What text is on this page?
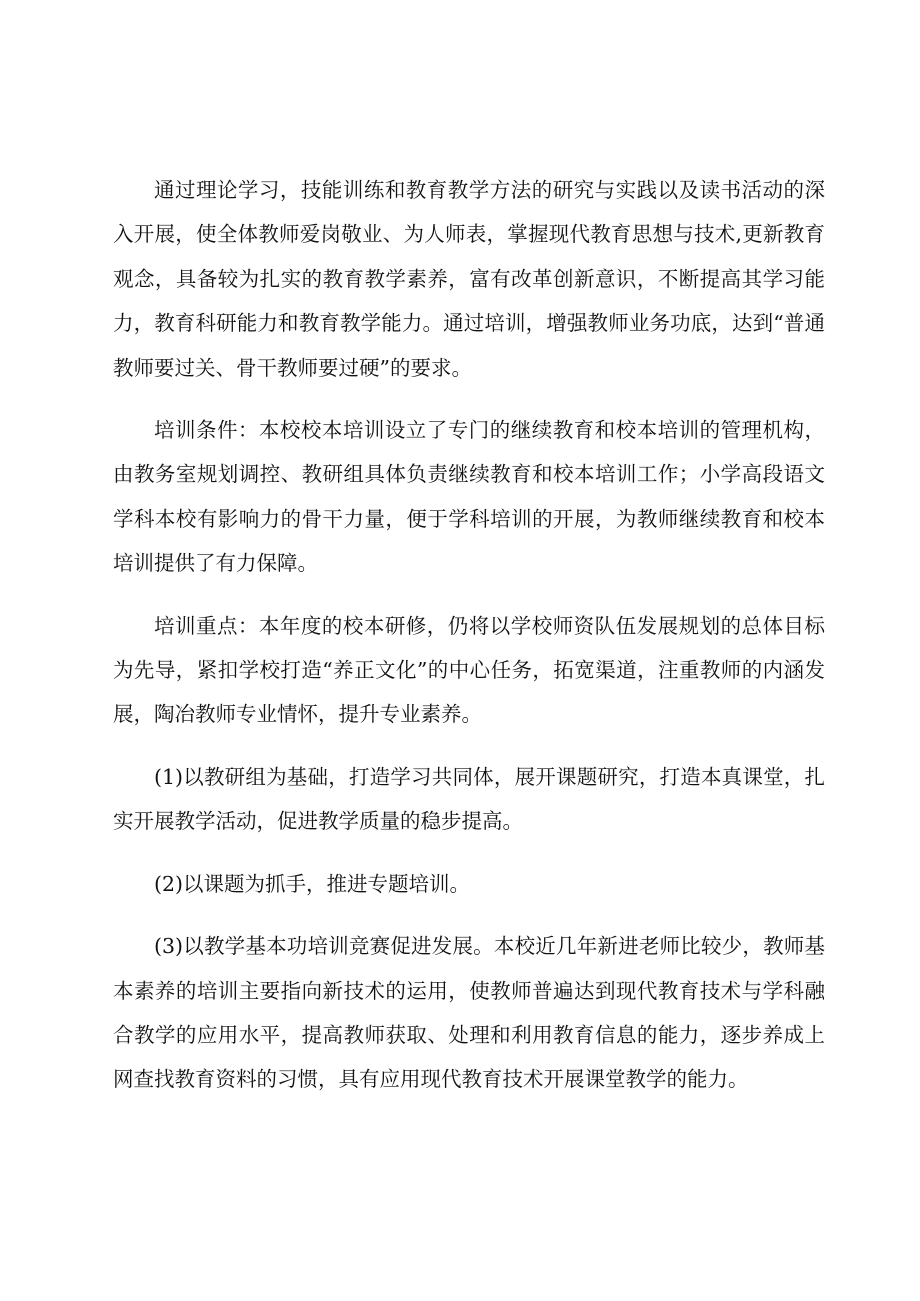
通过理论学习，技能训练和教育教学方法的研究与实践以及读书活动的深入开展，使全体教师爱岗敬业、为人师表，掌握现代教育思想与技术,更新教育观念，具备较为扎实的教育教学素养，富有改革创新意识，不断提高其学习能力，教育科研能力和教育教学能力。通过培训，增强教师业务功底，达到“普通教师要过关、骨干教师要过硬”的要求。

培训条件：本校校本培训设立了专门的继续教育和校本培训的管理机构，由教务室规划调控、教研组具体负责继续教育和校本培训工作；小学高段语文学科本校有影响力的骨干力量，便于学科培训的开展，为教师继续教育和校本培训提供了有力保障。

培训重点：本年度的校本研修，仍将以学校师资队伍发展规划的总体目标为先导，紧扣学校打造“养正文化”的中心任务，拓宽渠道，注重教师的内涵发展，陶冶教师专业情怀，提升专业素养。

(1)以教研组为基础，打造学习共同体，展开课题研究，打造本真课堂，扎实开展教学活动，促进教学质量的稳步提高。

(2)以课题为抓手，推进专题培训。

(3)以教学基本功培训竞赛促进发展。本校近几年新进老师比较少，教师基本素养的培训主要指向新技术的运用，使教师普遍达到现代教育技术与学科融合教学的应用水平，提高教师获取、处理和利用教育信息的能力，逐步养成上网查找教育资料的习惯，具有应用现代教育技术开展课堂教学的能力。
